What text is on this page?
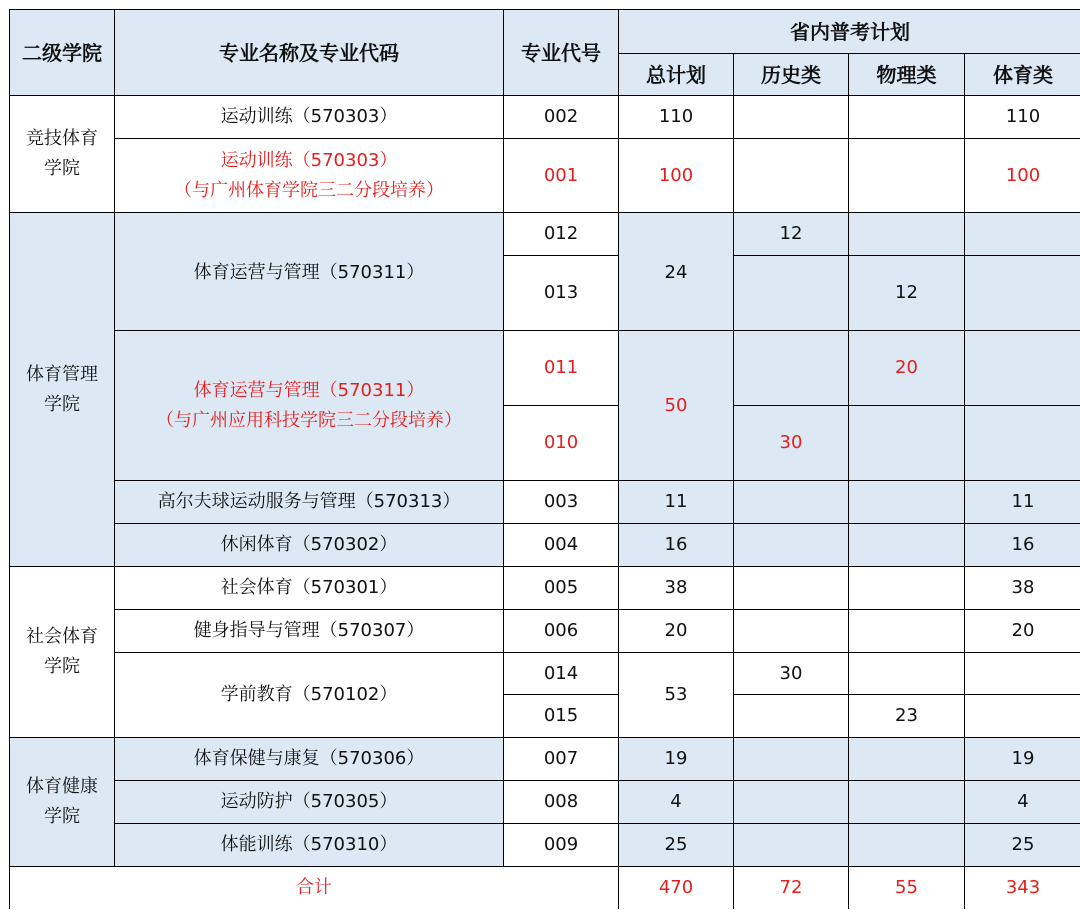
二级学院	专业名称及专业代码	专业代号	省内普考计划			
			总计划	历史类	物理类	体育类

竞技体育学院	运动训练（570303）	002	110			110

	运动训练（570303）
（与广州体育学院三二分段培养）	001	100			100

体育管理学院	体育运营与管理（570311）	012	24	12		
		013			12	

	体育运营与管理（570311）
（与广州应用科技学院三二分段培养）	011	50		20	
		010		30		
	高尔夫球运动服务与管理（570313）	003	11			11
	休闲体育（570302）	004	16			16

社会体育学院	社会体育（570301）	005	38			38
	健身指导与管理（570307）	006	20			20
	学前教育（570102）	014	53	30		
		015			23	

体育健康学院	体育保健与康复（570306）	007	19			19
	运动防护（570305）	008	4			4
	体能训练（570310）	009	25			25
合计			470	72	55	343
